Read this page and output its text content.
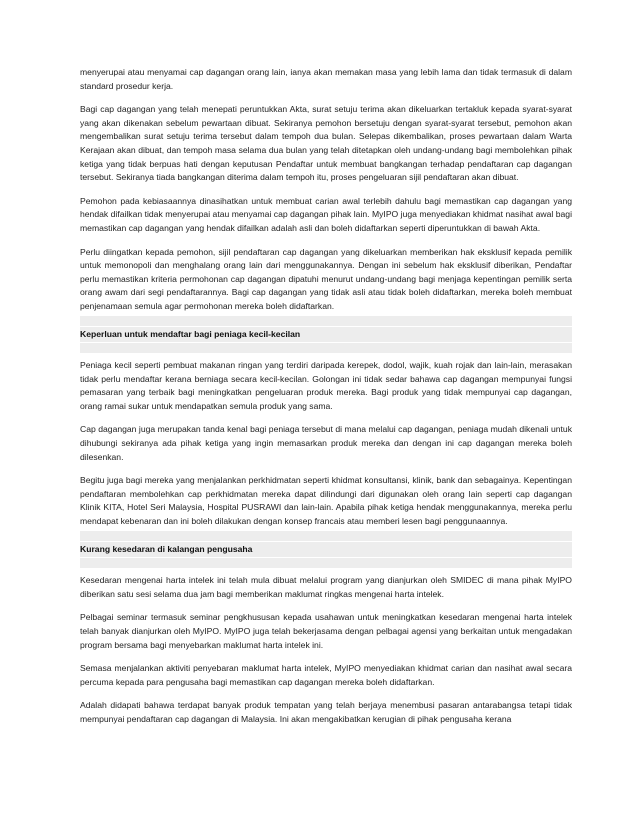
menyerupai atau menyamai cap dagangan orang lain, ianya akan memakan masa yang lebih lama dan tidak termasuk di dalam standard prosedur kerja.

Bagi cap dagangan yang telah menepati peruntukkan Akta, surat setuju terima akan dikeluarkan tertakluk kepada syarat-syarat yang akan dikenakan sebelum pewartaan dibuat. Sekiranya pemohon bersetuju dengan syarat-syarat tersebut, pemohon akan mengembalikan surat setuju terima tersebut dalam tempoh dua bulan. Selepas dikembalikan, proses pewartaan dalam Warta Kerajaan akan dibuat, dan tempoh masa selama dua bulan yang telah ditetapkan oleh undang-undang bagi membolehkan pihak ketiga yang tidak berpuas hati dengan keputusan Pendaftar untuk membuat bangkangan terhadap pendaftaran cap dagangan tersebut. Sekiranya tiada bangkangan diterima dalam tempoh itu, proses pengeluaran sijil pendaftaran akan dibuat.

Pemohon pada kebiasaannya dinasihatkan untuk membuat carian awal terlebih dahulu bagi memastikan cap dagangan yang hendak difailkan tidak menyerupai atau menyamai cap dagangan pihak lain. MyIPO juga menyediakan khidmat nasihat awal bagi memastikan cap dagangan yang hendak difailkan adalah asli dan boleh didaftarkan seperti diperuntukkan di bawah Akta.

Perlu diingatkan kepada pemohon, sijil pendaftaran cap dagangan yang dikeluarkan memberikan hak eksklusif kepada pemilik untuk memonopoli dan menghalang orang lain dari menggunakannya. Dengan ini sebelum hak eksklusif diberikan, Pendaftar perlu memastikan kriteria permohonan cap dagangan dipatuhi menurut undang-undang bagi menjaga kepentingan pemilik serta orang awam dari segi pendaftarannya. Bagi cap dagangan yang tidak asli atau tidak boleh didaftarkan, mereka boleh membuat penjenamaan semula agar permohonan mereka boleh didaftarkan.

Keperluan untuk mendaftar bagi peniaga kecil-kecilan

Peniaga kecil seperti pembuat makanan ringan yang terdiri daripada kerepek, dodol, wajik, kuah rojak dan lain-lain, merasakan tidak perlu mendaftar kerana berniaga secara kecil-kecilan. Golongan ini tidak sedar bahawa cap dagangan mempunyai fungsi pemasaran yang terbaik bagi meningkatkan pengeluaran produk mereka. Bagi produk yang tidak mempunyai cap dagangan, orang ramai sukar untuk mendapatkan semula produk yang sama.

Cap dagangan juga merupakan tanda kenal bagi peniaga tersebut di mana melalui cap dagangan, peniaga mudah dikenali untuk dihubungi sekiranya ada pihak ketiga yang ingin memasarkan produk mereka dan dengan ini cap dagangan mereka boleh dilesenkan.

Begitu juga bagi mereka yang menjalankan perkhidmatan seperti khidmat konsultansi, klinik, bank dan sebagainya. Kepentingan pendaftaran membolehkan cap perkhidmatan mereka dapat dilindungi dari digunakan oleh orang lain seperti cap dagangan Klinik KITA, Hotel Seri Malaysia, Hospital PUSRAWI dan lain-lain. Apabila pihak ketiga hendak menggunakannya, mereka perlu mendapat kebenaran dan ini boleh dilakukan dengan konsep francais atau memberi lesen bagi penggunaannya.

Kurang kesedaran di kalangan pengusaha

Kesedaran mengenai harta intelek ini telah mula dibuat melalui program yang dianjurkan oleh SMIDEC di mana pihak MyIPO diberikan satu sesi selama dua jam bagi memberikan maklumat ringkas mengenai harta intelek.

Pelbagai seminar termasuk seminar pengkhususan kepada usahawan untuk meningkatkan kesedaran mengenai harta intelek telah banyak dianjurkan oleh MyIPO. MyIPO juga telah bekerjasama dengan pelbagai agensi yang berkaitan untuk mengadakan program bersama bagi menyebarkan maklumat harta intelek ini.

Semasa menjalankan aktiviti penyebaran maklumat harta intelek, MyIPO menyediakan khidmat carian dan nasihat awal secara percuma kepada para pengusaha bagi memastikan cap dagangan mereka boleh didaftarkan.

Adalah didapati bahawa terdapat banyak produk tempatan yang telah berjaya menembusi pasaran antarabangsa tetapi tidak mempunyai pendaftaran cap dagangan di Malaysia. Ini akan mengakibatkan kerugian di pihak pengusaha kerana
